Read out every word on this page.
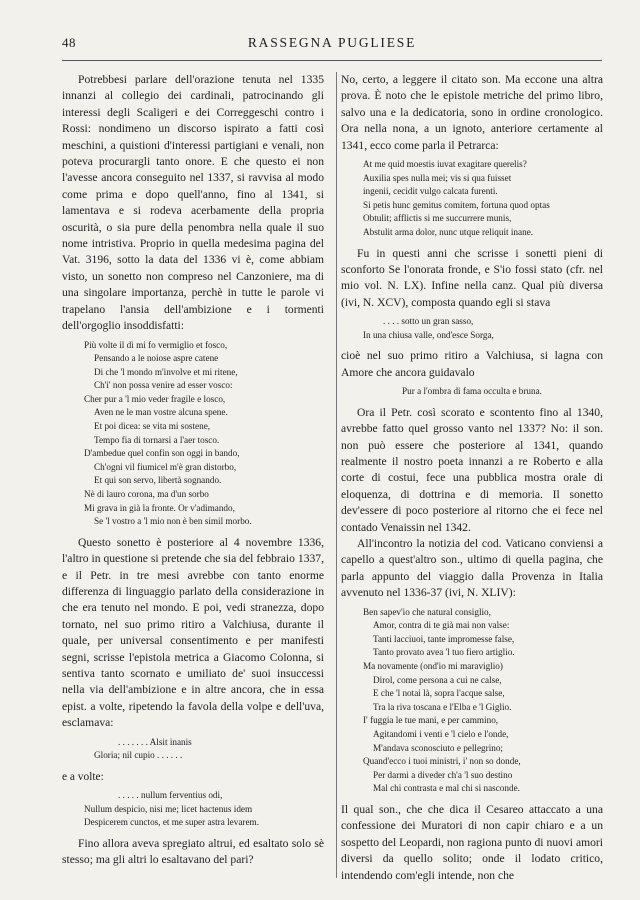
48	RASSEGNA PUGLIESE

Potrebbesi parlare dell'orazione tenuta nel 1335 innanzi al collegio dei cardinali, patrocinando gli interessi degli Scaligeri e dei Correggeschi contro i Rossi: nondimeno un discorso ispirato a fatti così meschini, a quistioni d'interessi partigiani e venali, non poteva procurargli tanto onore. E che questo ei non l'avesse ancora conseguito nel 1337, si ravvisa al modo come prima e dopo quell'anno, fino al 1341, si lamentava e si rodeva acerbamente della propria oscurità, o sia pure della penombra nella quale il suo nome intristiva. Proprio in quella medesima pagina del Vat. 3196, sotto la data del 1336 vi è, come abbiam visto, un sonetto non compreso nel Canzoniere, ma di una singolare importanza, perchè in tutte le parole vi trapelano l'ansia dell'ambizione e i tormenti dell'orgoglio insoddisfatti:

Più volte il dì mi fo vermiglio et fosco,
Pensando a le noiose aspre catene
Di che 'l mondo m'involve et mi ritene,
Ch'i' non possa venire ad esser vosco:
Cher pur a 'l mio veder fragile e losco,
Aven ne le man vostre alcuna spene.
Et poi dicea: se vita mi sostene,
Tempo fia di tornarsi a l'aer tosco.
D'ambedue quel confin son oggi in bando,
Ch'ogni vil fiumicel m'è gran distorbo,
Et qui son servo, libertà sognando.
Nè di lauro corona, ma d'un sorbo
Mi grava in già la fronte. Or v'adimando,
Se 'l vostro a 'l mio non è ben simil morbo.

Questo sonetto è posteriore al 4 novembre 1336, l'altro in questione si pretende che sia del febbraio 1337, e il Petr. in tre mesi avrebbe con tanto enorme differenza di linguaggio parlato della considerazione in che era tenuto nel mondo. E poi, vedi stranezza, dopo tornato, nel suo primo ritiro a Valchiusa, durante il quale, per universal consentimento e per manifesti segni, scrisse l'epistola metrica a Giacomo Colonna, si sentiva tanto scornato e umiliato de' suoi insuccessi nella via dell'ambizione e in altre ancora, che in essa epist. a volte, ripetendo la favola della volpe e dell'uva, esclamava:

. . . . . . . Alsit inanis
Gloria; nil cupio . . . . . .

e a volte:

. . . . . nullum ferventius odi,
Nullum despicio, nisi me; licet hactenus idem
Despicerem cunctos, et me super astra levarem.

Fino allora aveva spregiato altrui, ed esaltato solo sè stesso; ma gli altri lo esaltavano del pari?

No, certo, a leggere il citato son. Ma eccone una altra prova. È noto che le epistole metriche del primo libro, salvo una e la dedicatoria, sono in ordine cronologico. Ora nella nona, a un ignoto, anteriore certamente al 1341, ecco come parla il Petrarca:

At me quid moestis iuvat exagitare querelis?
Auxilia spes nulla mei; vis si qua fuisset
ingenii, cecidit vulgo calcata furenti.
Si petis hunc gemitus comitem, fortuna quod optas
Obtulit; afflictis si me succurrere munis,
Abstulit arma dolor, nunc utque reliquit inane.

Fu in questi anni che scrisse i sonetti pieni di sconforto Se l'onorata fronde, e S'io fossi stato (cfr. nel mio vol. N. LX). Infine nella canz. Qual più diversa (ivi, N. XCV), composta quando egli si stava

. . . . sotto un gran sasso,
In una chiusa valle, ond'esce Sorga,

cioè nel suo primo ritiro a Valchiusa, si lagna con Amore che ancora guidavalo

Pur a l'ombra di fama occulta e bruna.

Ora il Petr. così scorato e scontento fino al 1340, avrebbe fatto quel grosso vanto nel 1337? No: il son. non può essere che posteriore al 1341, quando realmente il nostro poeta innanzi a re Roberto e alla corte di costui, fece una pubblica mostra orale di eloquenza, di dottrina e di memoria. Il sonetto dev'essere di poco posteriore al ritorno che ei fece nel contado Venaissin nel 1342.

All'incontro la notizia del cod. Vaticano conviensi a capello a quest'altro son., ultimo di quella pagina, che parla appunto del viaggio dalla Provenza in Italia avvenuto nel 1336-37 (ivi, N. XLIV):

Ben sapev'io che natural consiglio,
Amor, contra di te già mai non valse:
Tanti lacciuoi, tante impromesse false,
Tanto provato avea 'l tuo fiero artiglio.
Ma novamente (ond'io mi maraviglio)
Dirol, come persona a cui ne calse,
E che 'l notai là, sopra l'acque salse,
Tra la riva toscana e l'Elba e 'l Giglio.
I' fuggia le tue mani, e per cammino,
Agitandomi i venti e 'l cielo e l'onde,
M'andava sconosciuto e pellegrino;
Quand'ecco i tuoi ministri, i' non so donde,
Per darmi a diveder ch'a 'l suo destino
Mal chi contrasta e mal chi si nasconde.

Il qual son., che che dica il Cesareo attaccato a una confessione dei Muratori di non capir chiaro e a un sospetto del Leopardi, non ragiona punto di nuovi amori diversi da quello solito; onde il lodato critico, intendendo com'egli intende, non che
